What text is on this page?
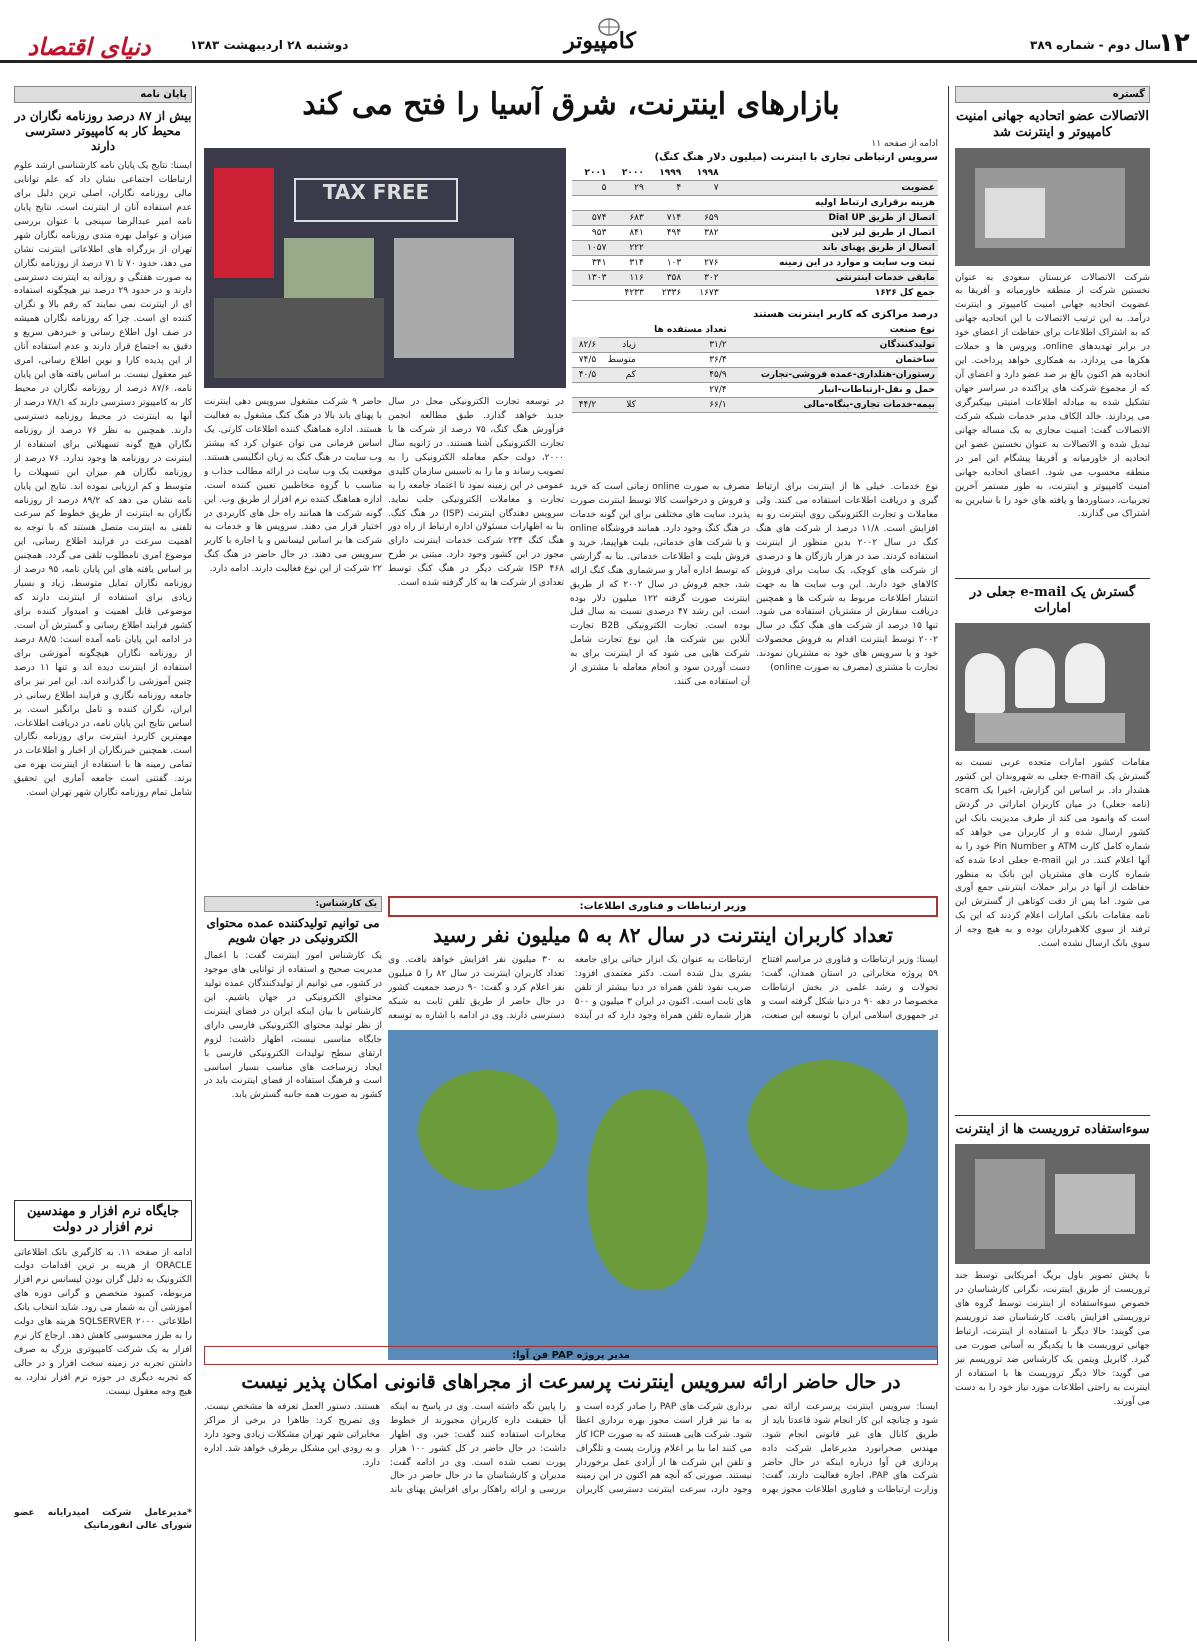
دنیای اقتصاد	دوشنبه ۲۸ اردیبهشت ۱۳۸۳	کامپیوتر	سال دوم - شماره ۳۸۹
۱۲
گستره
الاتصالات عضو اتحادیه جهانی امنیت کامپیوتر و اینترنت شد
شرکت الاتصالات عربستان سعودی به عنوان نخستین شرکت از منطقه خاورمیانه و آفریقا به عضویت اتحادیه جهانی امنیت کامپیوتر و اینترنت درآمد. به این ترتیب الاتصالات با این اتحادیه جهانی که به اشتراک اطلاعات برای حفاظت از اعضای خود در برابر تهدیدهای online، ویروس ها و حملات هکرها می پردازد، به همکاری خواهد پرداخت. این اتحادیه هم اکنون بالغ بر صد عضو دارد و اعضای آن که از مجموع شرکت های پراکنده در سراسر جهان تشکیل شده به مبادله اطلاعات امنیتی بپیکیرگری می پردازند. خالد الکاف مدیر خدمات شبکه شرکت الاتصالات گفت: امنیت مجازی به یک مساله جهانی تبدیل شده و الاتصالات به عنوان نخستین عضو این اتحادیه از خاورمیانه و آفریقا پیشگام این امر در منطقه محسوب می شود. اعضای اتحادیه جهانی امنیت کامپیوتر و اینترنت، به طور مستمر آخرین تجربیات، دستاوردها و یافته های خود را با سایرین به اشتراک می گذارند.
گسترش یک e-mail جعلی در امارات
مقامات کشور امارات متحده عربی نسبت به گسترش یک e-mail جعلی به شهروندان این کشور هشدار داد. بر اساس این گزارش، اخیرا یک scam (نامه جعلی) در میان کاربران اماراتی در گردش است که وانمود می کند از طرف مدیریت بانک این کشور ارسال شده و از کاربران می خواهد که شماره کامل کارت ATM و Pin Number خود را به آنها اعلام کنند. در این e-mail جعلی ادعا شده که شماره کارت های مشتریان این بانک به منظور حفاظت از آنها در برابر حملات اینترنتی جمع آوری می شود. اما پس از دقت کوتاهی از گسترش این نامه مقامات بانکی امارات اعلام کردند که این یک ترفند از سوی کلاهبرداران بوده و به هیچ وجه از سوی بانک ارسال نشده است.
سوءاستفاده تروریست ها از اینترنت
با پخش تصویر باول بریگ آمریکایی توسط جند تروریست از طریق اینترنت، نگرانی کارشناسان در خصوص سوءاستفاده از اینترنت توسط گروه های تروریستی افزایش یافت. کارشناسان ضد تروریسم می گویند: حالا دیگر با استفاده از اینترنت، ارتباط جهانی تروریست ها با یکدیگر به آسانی صورت می گیرد. گابریل ویتمن یک کارشناس ضد تروریسم نیز می گوید: حالا دیگر تروریست ها با استفاده از اینترنت به راحتی اطلاعات مورد نیاز خود را به دست می آورند.
پایان نامه
بیش از ۸۷ درصد روزنامه نگاران در محیط کار به کامپیوتر دسترسی دارند
ایسنا: نتایج یک پایان نامه کارشناسی ارشد علوم ارتباطات اجتماعی نشان داد که علم توانایی مالی روزنامه نگاران، اصلی ترین دلیل برای عدم استفاده آنان از اینترنت است. نتایج پایان نامه امیر عبدالرضا سپنجی با عنوان بررسی میزان و عوامل بهره مندی روزنامه نگاران شهر تهران از بزرگراه های اطلاعاتی اینترنت نشان می دهد، حدود ۷۰ تا ۷۱ درصد از روزنامه نگاران به صورت هفتگی و روزانه به اینترنت دسترسی دارند و در حدود ۲۹ درصد نیز هیچگونه استفاده ای از اینترنت نمی نمایند که رقم بالا و نگران کننده ای است. چرا که روزنامه نگاران همیشه در صف اول اطلاع رسانی و خبردهی سریع و دقیق به اجتماع قرار دارند و عدم استفاده آنان از این پدیده کارا و نوین اطلاع رسانی، امری غیر معقول نیست. بر اساس یافته های این پایان نامه، ۸۷/۶ درصد از روزنامه نگاران در محیط کار به کامپیوتر دسترسی دارند که ۷۸/۱ درصد از آنها به اینترنت در محیط روزنامه دسترسی دارند. همچنین به نظر ۷۶ درصد از روزنامه نگاران هیچ گونه تسهیلاتی برای استفاده از اینترنت در روزنامه ها وجود ندارد. ۷۶ درصد از روزنامه نگاران هم میزان این تسهیلات را متوسط و کم ارزیابی نموده اند. نتایج این پایان نامه نشان می دهد که ۸۹/۲ درصد از روزنامه نگاران به اینترنت از طریق خطوط کم سرعت تلفنی به اینترنت متصل هستند که با توجه به اهمیت سرعت در فرایند اطلاع رسانی، این موضوع امری نامطلوب تلقی می گردد. همچنین بر اساس یافته های این پایان نامه، ۹۵ درصد از روزنامه نگاران تمایل متوسط، زیاد و بسیار زیادی برای استفاده از اینترنت دارند که موضوعی قابل اهمیت و امیدوار کننده برای کشور فرایند اطلاع رسانی و گسترش آن است. در ادامه این پایان نامه آمده است: ۸۸/۵ درصد از روزنامه نگاران هیچگونه آموزشی برای استفاده از اینترنت دیده اند و تنها ۱۱ درصد چنین آموزشی را گذرانده اند. این امر نیز برای جامعه روزنامه نگاری و فرایند اطلاع رسانی در ایران، نگران کننده و تامل برانگیز است. بر اساس نتایج این پایان نامه، در دریافت اطلاعات، مهمترین کاربرد اینترنت برای روزنامه نگاران است. همچنین خبرنگاران از اخبار و اطلاعات در تمامی زمینه ها با استفاده از اینترنت بهره می برند. گفتنی است جامعه آماری این تحقیق شامل تمام روزنامه نگاران شهر تهران است.
جایگاه نرم افزار و مهندسین نرم افزار در دولت
ادامه از صفحه ۱۱. به کارگیری بانک اطلاعاتی ORACLE از هزینه بر ترین اقدامات دولت الکترونیک به دلیل گران بودن لیسانس نرم افزار مربوطه، کمبود متخصص و گرانی دوره های آموزشی آن به شمار می رود. شاید انتخاب بانک اطلاعاتی SQLSERVER ۲۰۰۰ هزینه های دولت را به طرز محسوسی کاهش دهد. ارجاع کار نرم افزار به یک شرکت کامپیوتری بزرگ به صرف داشتن تجربه در زمینه سخت افزار و در حالی که تجربه دیگری در حوزه نرم افزار ندارد، به هیچ وجه معقول نیست.
*مدیرعامل شرکت امیدرایانه عضو شورای عالی انفورماتیک
بازارهای اینترنت، شرق آسیا را فتح می کند
TAX FREE
ادامه از صفحه ۱۱
سرویس ارتباطی تجاری با اینترنت (میلیون دلار هنگ کنگ)
	۱۹۹۸	۱۹۹۹	۲۰۰۰	۲۰۰۱
عضویت	۷	۴	۲۹	۵
هزینه برقراری ارتباط اولیه				
اتصال از طریق Dial UP	۶۵۹	۷۱۴	۶۸۳	۵۷۴
اتصال از طریق لیز لاین	۳۸۲	۴۹۴	۸۴۱	۹۵۳
اتصال از طریق پهنای باند			۲۲۲	۱۰۵۷
ثبت وب سایت و موارد در این زمینه	۲۷۶	۱۰۳	۳۱۴	۳۴۱
مابقی خدمات اینترنتی	۳۰۲	۳۵۸	۱۱۶	۱۳۰۳
جمع کل ۱۶۲۶	۱۶۷۳	۲۳۳۶	۴۲۳۳	
درصد مراکزی که کاربر اینترنت هستند
نوع صنعت	تعداد مستفده ها		
تولیدکنندگان	۳۱/۲	زیاد	۸۲/۶
ساختمان	۳۶/۴	متوسط	۷۴/۵
رستوران-هتلداری-عمده فروشی-تجارت	۴۵/۹	کم	۴۰/۵
حمل و نقل-ارتباطات-انبار	۲۷/۴		
بیمه-خدمات تجاری-بنگاه-مالی	۶۶/۱	کلا	۴۴/۲
نوع خدمات. خیلی ها از اینترنت برای ارتباط گیری و دریافت اطلاعات استفاده می کنند. ولی معاملات و تجارت الکترونیکی روی اینترنت رو به افزایش است. ۱۱/۸ درصد از شرکت های هنگ کنگ در سال ۲۰۰۲ بدین منظور از اینترنت استفاده کردند. صد در هزار بازرگان ها و درصدی از شرکت های کوچک، یک سایت برای فروش کالاهای خود دارند. این وب سایت ها به جهت انتشار اطلاعات مربوط به شرکت ها و همچنین دریافت سفارش از مشتریان استفاده می شود. تنها ۱۵ درصد از شرکت های هنگ کنگ در سال ۲۰۰۲ توسط اینترنت اقدام به فروش محصولات خود و یا سرویس های خود به مشتریان نمودند. تجارت با مشتری (مصرف به صورت online)
مصرف به صورت online زمانی است که خرید و فروش و درخواست کالا توسط اینترنت صورت پذیرد. سایت های مختلفی برای این گونه خدمات در هنگ کنگ وجود دارد. همانند فروشگاه online و یا شرکت های خدماتی، بلیت هواپیما، خرید و فروش بلیت و اطلاعات خدماتی. بنا به گزارشی که توسط اداره آمار و سرشماری هنگ کنگ ارائه شد، حجم فروش در سال ۲۰۰۲ که از طریق اینترنت صورت گرفته ۱۲۲ میلیون دلار بوده است. این رشد ۴۷ درصدی نسبت به سال قبل بوده است. تجارت الکترونیکی B2B تجارت آنلاین بین شرکت ها. این نوع تجارت شامل شرکت هایی می شود که از اینترنت برای به دست آوردن سود و انجام معامله با مشتری از آن استفاده می کنند.
در توسعه تجارت الکترونیکی محل در سال جدید خواهد گذارد. طبق مطالعه انجمن فرآورش هنگ کنگ، ۷۵ درصد از شرکت ها با تجارت الکترونیکی آشنا هستند. در ژانویه سال ۲۰۰۰، دولت حکم معامله الکترونیکی را به تصویب رساند و ما را به تاسیس سازمان کلیدی عمومی در این زمینه نمود تا اعتماد جامعه را به تجارت و معاملات الکترونیکی جلب نماید. سرویس دهندگان اینترنت (ISP) در هنگ کنگ. بنا به اظهارات مسئولان اداره ارتباط از راه دور هنگ کنگ ۲۳۴ شرکت خدمات اینترنت دارای مجوز در این کشور وجود دارد. مبتنی بر طرح ISP ۴۶۸ شرکت دیگر در هنگ کنگ توسط تعدادی از شرکت ها به کار گرفته شده است.
حاضر ۹ شرکت مشغول سرویس دهی اینترنت با پهنای باند بالا در هنگ کنگ مشغول به فعالیت هستند. اداره هماهنگ کننده اطلاعات کارتی. یک اساس فرمانی می توان عنوان کرد که بیشتر وب سایت در هنگ کنگ به زبان انگلیسی هستند. موقعیت یک وب سایت در ارائه مطالب جذاب و مناسب با گروه مخاطبین تعیین کننده است. اداره هماهنگ کننده نرم افزار از طریق وب. این گونه شرکت ها همانند راه حل های کاربردی در اختیار قرار می دهند. سرویس ها و خدمات به شرکت ها بر اساس لیسانس و یا اجاره با کاربر سرویس می دهند. در حال حاضر در هنگ کنگ ۲۲ شرکت از این نوع فعالیت دارند. ادامه دارد.
یک کارشناس:
می توانیم تولیدکننده عمده محتوای الکترونیکی در جهان شویم
یک کارشناس امور اینترنت گفت: با اعمال مدیریت صحیح و استفاده از توانایی های موجود در کشور، می توانیم از تولیدکنندگان عمده تولید محتوای الکترونیکی در جهان باشیم. این کارشناس با بیان اینکه ایران در فضای اینترنت از نظر تولید محتوای الکترونیکی فارسی دارای جایگاه مناسبی نیست، اظهار داشت: لزوم ارتقای سطح تولیدات الکترونیکی فارسی با ایجاد زیرساخت های مناسب بسیار اساسی است و فرهنگ استفاده از فضای اینترنت باید در کشور به صورت همه جانبه گسترش یابد.
وزیر ارتباطات و فناوری اطلاعات:
تعداد کاربران اینترنت در سال ۸۲ به ۵ میلیون نفر رسید
ایسنا: وزیر ارتباطات و فناوری در مراسم افتتاح ۵۹ پروژه مخابراتی در استان همدان، گفت: تحولات و رشد علمی در بخش ارتباطات مخصوصا در دهه ۹۰ در دنیا شکل گرفته است و در جمهوری اسلامی ایران با توسعه این صنعت، ارتباطات به عنوان یک ابزار حیاتی برای جامعه بشری بدل شده است. دکتر معتمدی افزود: ضریب نفوذ تلفن همراه در دنیا بیشتر از تلفن های ثابت است. اکنون در ایران ۳ میلیون و ۵۰۰ هزار شماره تلفن همراه وجود دارد که در آینده به ۳۰ میلیون نفر افزایش خواهد یافت. وی تعداد کاربران اینترنت در سال ۸۲ را ۵ میلیون نفر اعلام کرد و گفت: ۹۰ درصد جمعیت کشور در حال حاضر از طریق تلفن ثابت به شبکه دسترسی دارند. وی در ادامه با اشاره به توسعه
مدیر پروژه PAP فن آوا:
در حال حاضر ارائه سرویس اینترنت پرسرعت از مجراهای قانونی امکان پذیر نیست
ایسنا: سرویس اینترنت پرسرعت ارائه نمی شود و چنانچه این کار انجام شود قاعدتا باید از طریق کانال های غیر قانونی انجام شود. مهندس صحرانورد مدیرعامل شرکت داده پردازی فن آوا درباره اینکه در حال حاضر شرکت های PAP، اجازه فعالیت دارند، گفت: وزارت ارتباطات و فناوری اطلاعات مجوز بهره برداری شرکت های PAP را صادر کرده است و به ما نیز قرار است مجوز بهره برداری اعطا شود. شرکت هایی هستند که به صورت ICP کار می کنند اما بنا بر اعلام وزارت پست و تلگراف و تلفن این شرکت ها از آزادی عمل برخوردار نیستند. صورتی که آنچه هم اکنون در این زمینه وجود دارد، سرعت اینترنت دسترسی کاربران را پایین نگه داشته است. وی در پاسخ به اینکه آیا حقیقت داره کاربران مجبورند از خطوط مخابرات استفاده کنند گفت: خیر، وی اظهار داشت: در حال حاضر در کل کشور ۱۰۰ هزار پورت نصب شده است. وی در ادامه گفت: مدیران و کارشناسان ما در حال حاضر در حال بررسی و ارائه راهکار برای افزایش پهنای باند هستند. دستور العمل تعرفه ها مشخص نیست. وی تصریح کرد: ظاهرا در برخی از مراکز مخابراتی شهر تهران مشکلات زیادی وجود دارد و به زودی این مشکل برطرف خواهد شد. اداره دارد.
